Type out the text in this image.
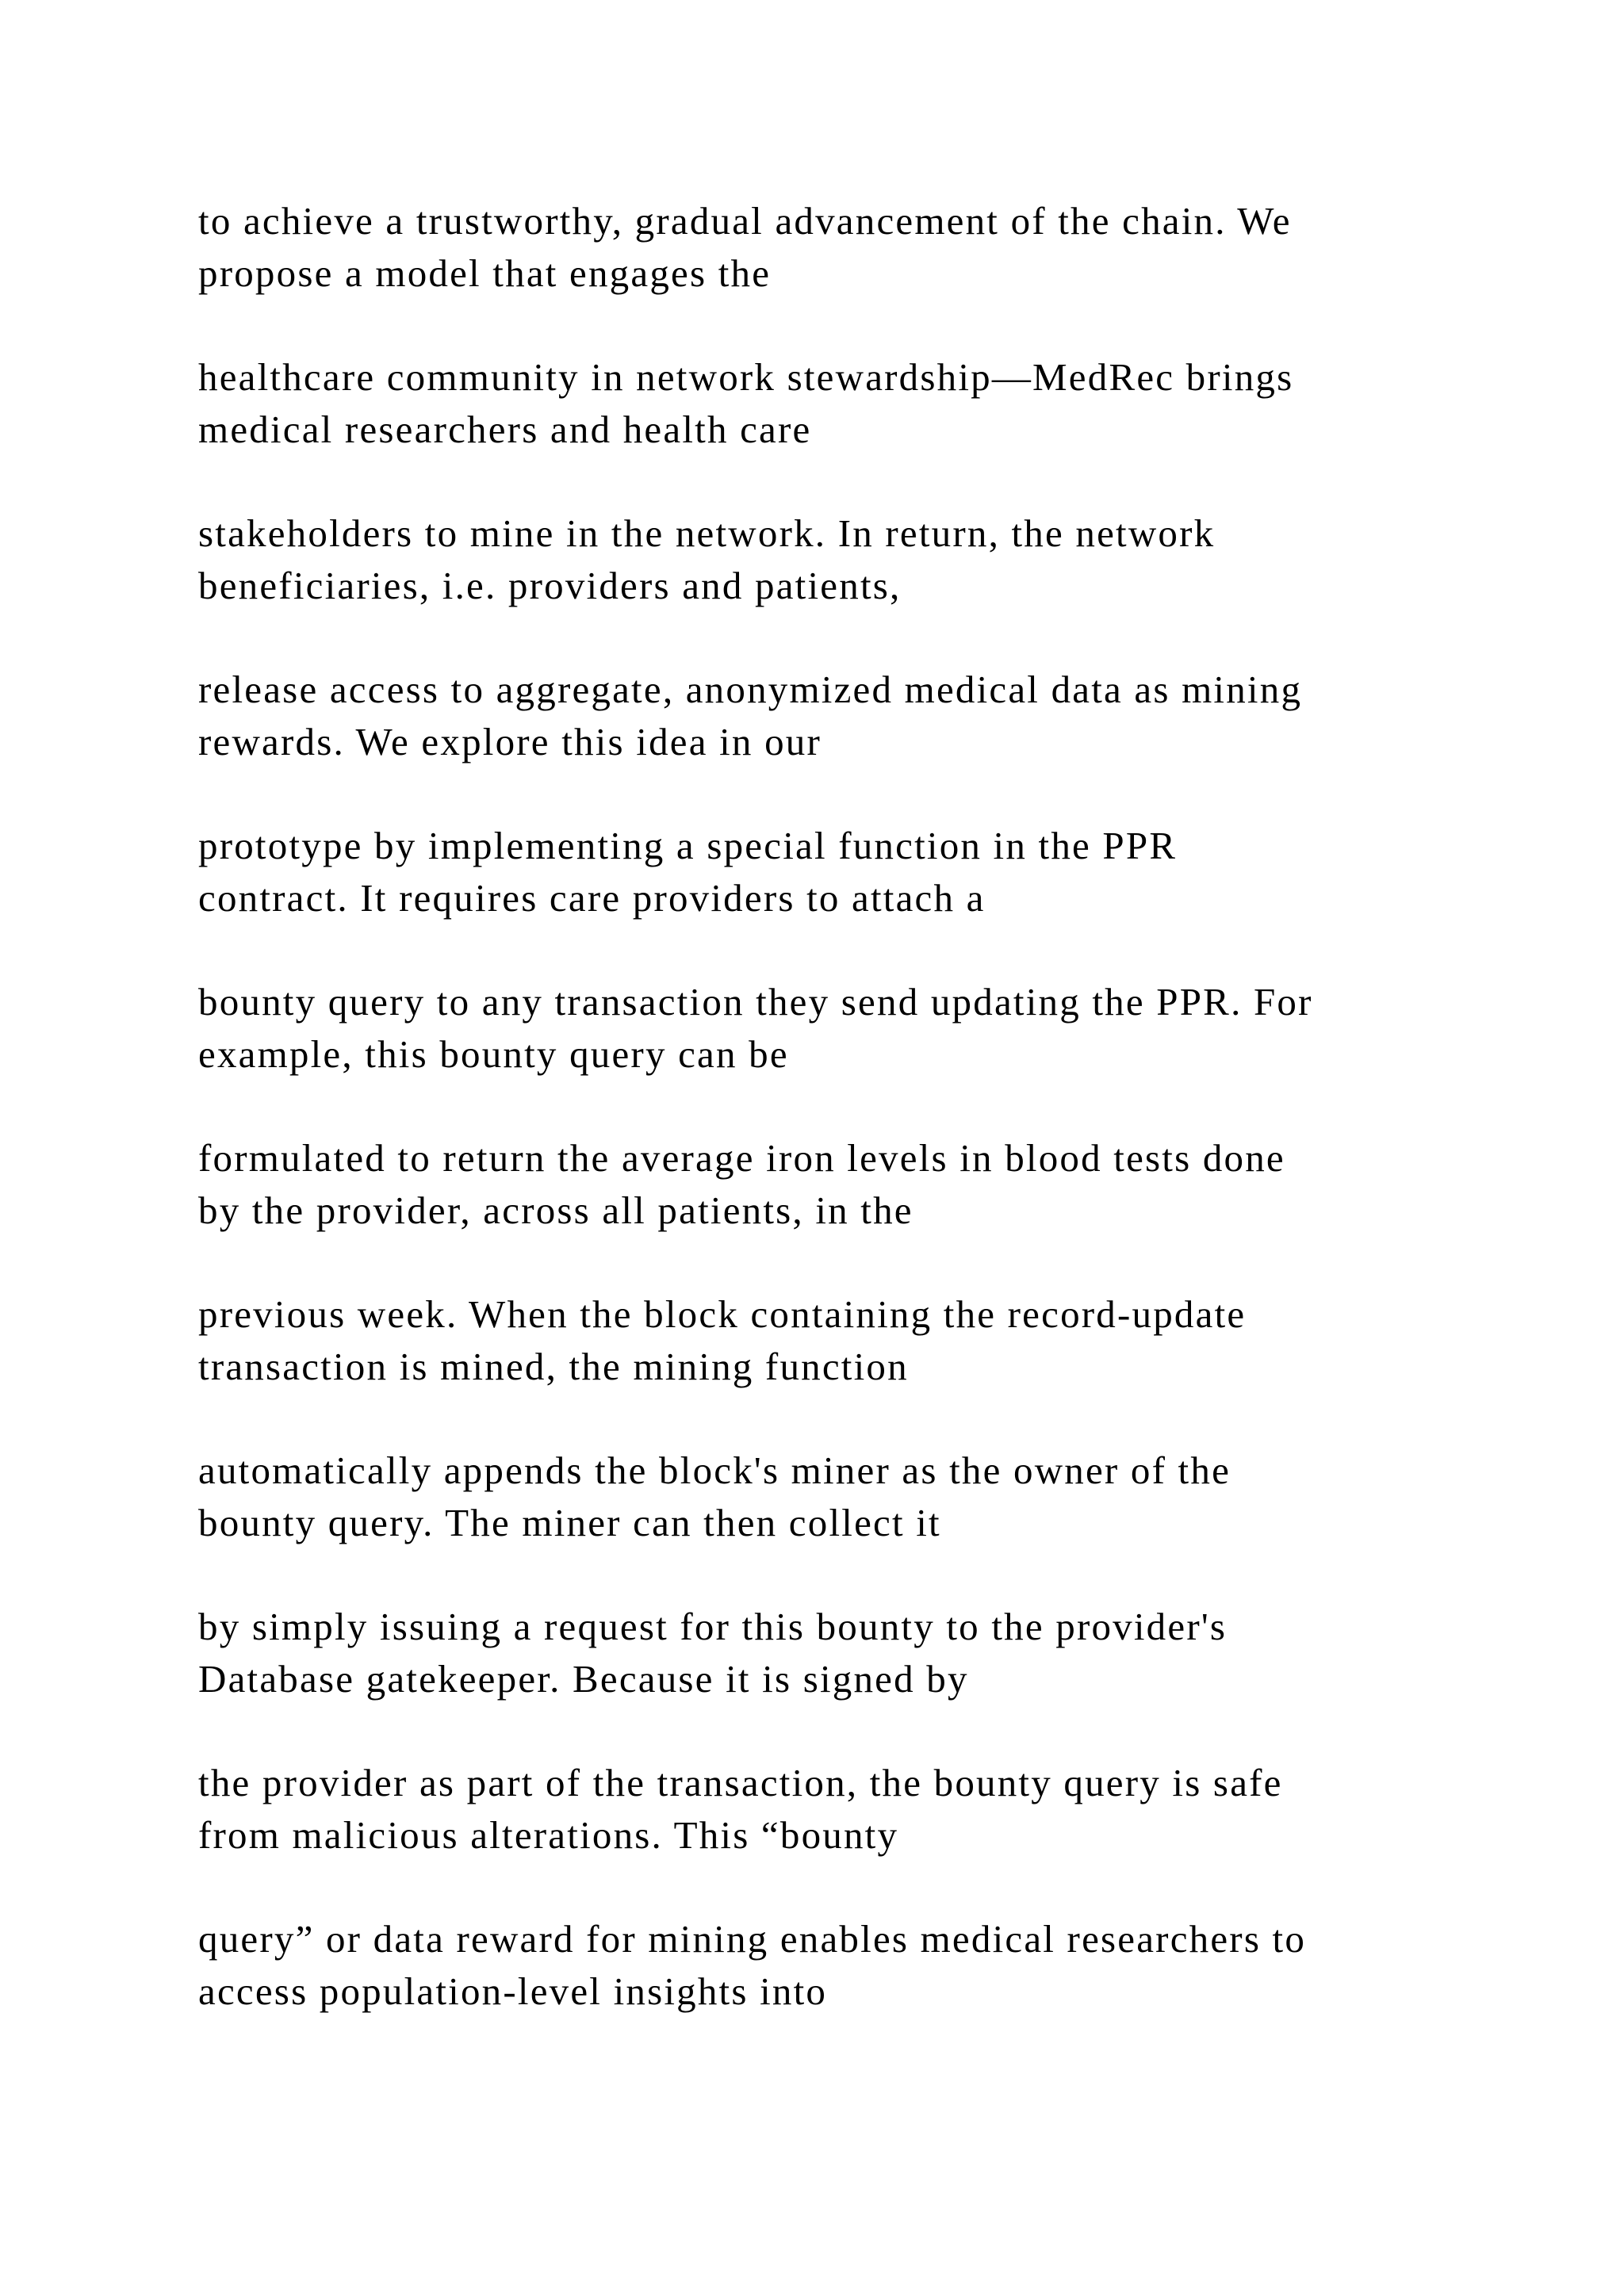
to achieve a trustworthy, gradual advancement of the chain. We
propose a model that engages the

healthcare community in network stewardship—MedRec brings
medical researchers and health care

stakeholders to mine in the network. In return, the network
beneficiaries, i.e. providers and patients,

release access to aggregate, anonymized medical data as mining
rewards. We explore this idea in our

prototype by implementing a special function in the PPR
contract. It requires care providers to attach a

bounty query to any transaction they send updating the PPR. For
example, this bounty query can be

formulated to return the average iron levels in blood tests done
by the provider, across all patients, in the

previous week. When the block containing the record-update
transaction is mined, the mining function

automatically appends the block's miner as the owner of the
bounty query. The miner can then collect it

by simply issuing a request for this bounty to the provider's
Database gatekeeper. Because it is signed by

the provider as part of the transaction, the bounty query is safe
from malicious alterations. This “bounty

query” or data reward for mining enables medical researchers to
access population-level insights into
